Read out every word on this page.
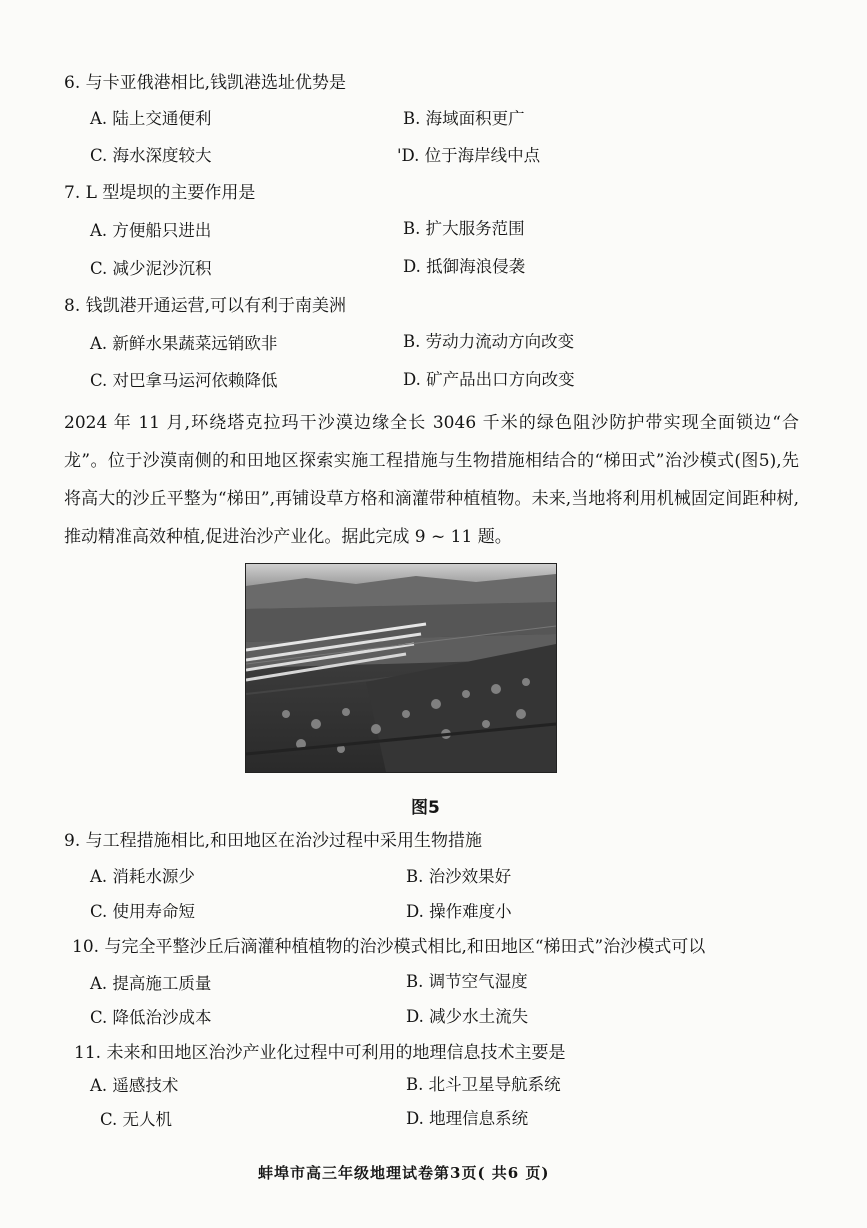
6. 与卡亚俄港相比,钱凯港选址优势是
A. 陆上交通便利	B. 海域面积更广
C. 海水深度较大	'D. 位于海岸线中点
7. L 型堤坝的主要作用是
A. 方便船只进出	B. 扩大服务范围
C. 减少泥沙沉积	D. 抵御海浪侵袭
8. 钱凯港开通运营,可以有利于南美洲
A. 新鲜水果蔬菜远销欧非	B. 劳动力流动方向改变
C. 对巴拿马运河依赖降低	D. 矿产品出口方向改变
2024 年 11 月,环绕塔克拉玛干沙漠边缘全长 3046 千米的绿色阻沙防护带实现全面锁边“合龙”。位于沙漠南侧的和田地区探索实施工程措施与生物措施相结合的“梯田式”治沙模式(图5),先将高大的沙丘平整为“梯田”,再铺设草方格和滴灌带种植植物。未来,当地将利用机械固定间距种树,推动精准高效种植,促进治沙产业化。据此完成 9 ~ 11 题。
图5
9. 与工程措施相比,和田地区在治沙过程中采用生物措施
A. 消耗水源少	B. 治沙效果好
C. 使用寿命短	D. 操作难度小
10. 与完全平整沙丘后滴灌种植植物的治沙模式相比,和田地区“梯田式”治沙模式可以
A. 提高施工质量	B. 调节空气湿度
C. 降低治沙成本	D. 减少水土流失
11. 未来和田地区治沙产业化过程中可利用的地理信息技术主要是
A. 遥感技术	B. 北斗卫星导航系统
C. 无人机	D. 地理信息系统
蚌埠市高三年级地理试卷第3页( 共6 页)
